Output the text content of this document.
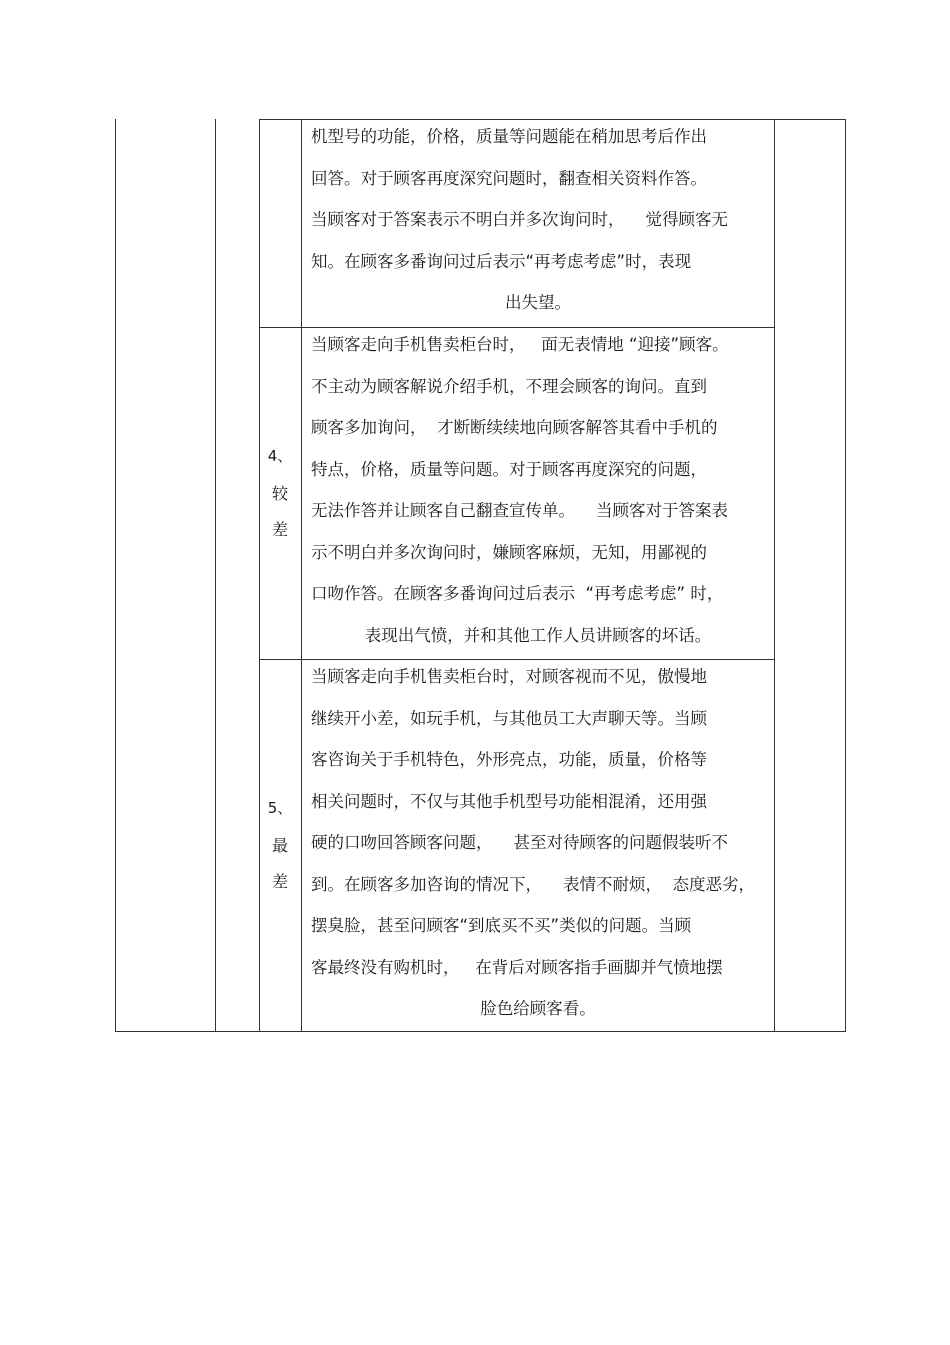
机型号的功能，价格，质量等问题能在稍加思考后作出
回答。对于顾客再度深究问题时，翻查相关资料作答。
当顾客对于答案表示不明白并多次询问时，    觉得顾客无
知。在顾客多番询问过后表示“再考虑考虑”时，表现
出失望。
4、
较
差
当顾客走向手机售卖柜台时，   面无表情地 “迎接”顾客。
不主动为顾客解说介绍手机，不理会顾客的询问。直到
顾客多加询问，  才断断续续地向顾客解答其看中手机的
特点，价格，质量等问题。对于顾客再度深究的问题，
无法作答并让顾客自己翻查宣传单。    当顾客对于答案表
示不明白并多次询问时，嫌顾客麻烦，无知，用鄙视的
口吻作答。在顾客多番询问过后表示  “再考虑考虑” 时，
表现出气愤，并和其他工作人员讲顾客的坏话。
5、
最
差
当顾客走向手机售卖柜台时，对顾客视而不见，傲慢地
继续开小差，如玩手机，与其他员工大声聊天等。当顾
客咨询关于手机特色，外形亮点，功能，质量，价格等
相关问题时，不仅与其他手机型号功能相混淆，还用强
硬的口吻回答顾客问题，    甚至对待顾客的问题假装听不
到。在顾客多加咨询的情况下，    表情不耐烦，  态度恶劣，
摆臭脸，甚至问顾客“到底买不买”类似的问题。当顾
客最终没有购机时，   在背后对顾客指手画脚并气愤地摆
脸色给顾客看。
